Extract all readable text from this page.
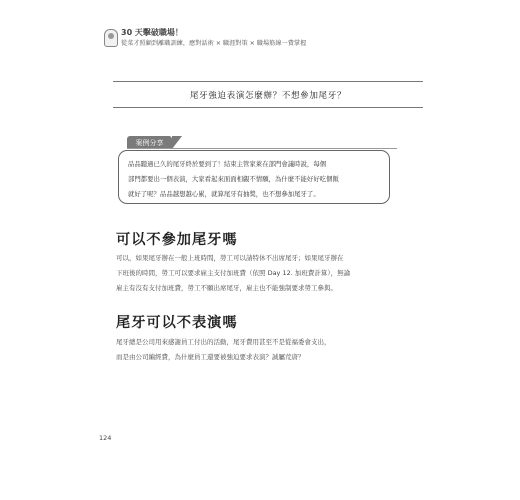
30 天擊破職場！
從菜才照顧到離職訓練，應對話術 × 職涯對策 × 職場筋線一費掌握
尾牙強迫表演怎麼辦？不想參加尾牙？
案例分享

品品聽過已久的尾牙終於要到了！結束主管家萊在部門會議時說，每個
部門都要出一個表演，大家看起來面面相覷不情願，為什麼不能好好吃個飯
就好了呢？品品越想越心累，就算尾牙有抽獎，也不想參加尾牙了。

可以不參加尾牙嗎

可以，如果尾牙辦在一般上班時間，勞工可以請特休不出席尾牙；如果尾牙辦在
下班後的時間，勞工可以要求雇主支付加班費（依照 Day 12. 加班費計算），無論
雇主有沒有支付加班費，勞工不願出席尾牙，雇主也不能強制要求勞工參與。

尾牙可以不表演嗎

尾牙總是公司用來感謝員工付出的活動，尾牙費用甚至不是從福委會支出，
而是由公司編經費，為什麼員工還要被強迫要求表演？誠屬荒唐？

124
